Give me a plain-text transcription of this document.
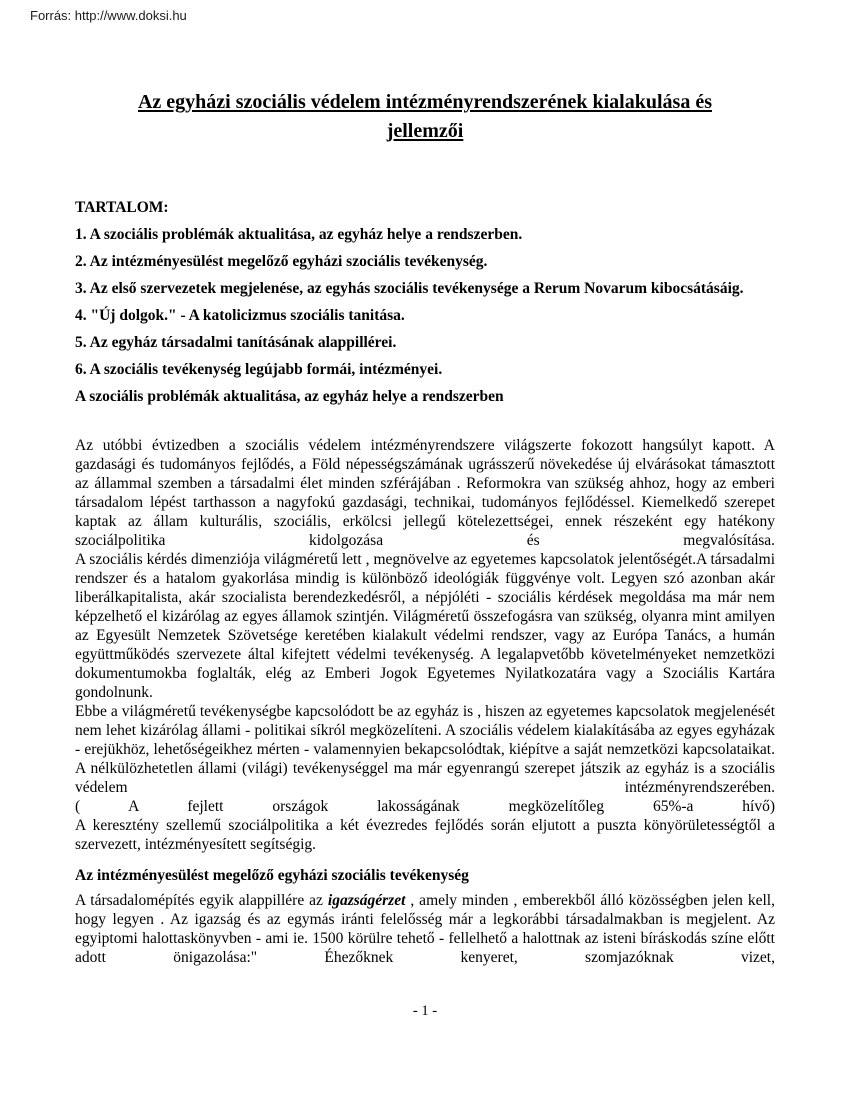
Forrás: http://www.doksi.hu
Az egyházi szociális védelem intézményrendszerének kialakulása és
jellemzői
TARTALOM:
1. A szociális problémák aktualitása, az egyház helye a rendszerben.
2. Az intézményesülést megelőző egyházi szociális tevékenység.
3. Az első szervezetek megjelenése, az egyhás szociális tevékenysége a Rerum Novarum kibocsátásáig.
4. "Új dolgok." - A katolicizmus szociális tanitása.
5. Az egyház társadalmi tanításának alappillérei.
6. A szociális tevékenység legújabb formái, intézményei.
A szociális problémák aktualitása, az egyház helye a rendszerben
Az utóbbi évtizedben a szociális védelem intézményrendszere világszerte fokozott hangsúlyt kapott. A gazdasági és tudományos fejlődés, a Föld népességszámának ugrásszerű növekedése új elvárásokat támasztott az állammal szemben a társadalmi élet minden szférájában . Reformokra van szükség ahhoz, hogy az emberi társadalom lépést tarthasson a nagyfokú gazdasági, technikai, tudományos fejlődéssel. Kiemelkedő szerepet kaptak az állam kulturális, szociális, erkölcsi jellegű kötelezettségei, ennek részeként egy hatékony szociálpolitika kidolgozása és megvalósítása.
A szociális kérdés dimenziója világméretű lett , megnövelve az egyetemes kapcsolatok jelentőségét.A társadalmi rendszer és a hatalom gyakorlása mindig is különböző ideológiák függvénye volt. Legyen szó azonban akár liberálkapitalista, akár szocialista berendezkedésről, a népjóléti - szociális kérdések megoldása ma már nem képzelhető el kizárólag az egyes államok szintjén. Világméretű összefogásra van szükség, olyanra mint amilyen az Egyesült Nemzetek Szövetsége keretében kialakult védelmi rendszer, vagy az Európa Tanács, a humán együttműködés szervezete által kifejtett védelmi tevékenység. A legalapvetőbb követelményeket nemzetközi dokumentumokba foglalták, elég az Emberi Jogok Egyetemes Nyilatkozatára vagy a Szociális Kartára gondolnunk.
Ebbe a világméretű tevékenységbe kapcsolódott be az egyház is , hiszen az egyetemes kapcsolatok megjelenését nem lehet kizárólag állami - politikai síkról megközelíteni. A szociális védelem kialakításába az egyes egyházak - erejükhöz, lehetőségeikhez mérten - valamennyien bekapcsolódtak, kiépítve a saját nemzetközi kapcsolataikat. A nélkülözhetetlen állami (világi) tevékenységgel ma már egyenrangú szerepet játszik az egyház is a szociális védelem intézményrendszerében.
( A fejlett országok lakosságának megközelítőleg 65%-a hívő)
A keresztény szellemű szociálpolitika a két évezredes fejlődés során eljutott a puszta könyörületességtől a szervezett, intézményesített segítségig.
Az intézményesülést megelőző egyházi szociális tevékenység
A társadalomépítés egyik alappillére az igazságérzet , amely minden , emberekből álló közösségben jelen kell, hogy legyen . Az igazság és az egymás iránti felelősség már a legkorábbi társadalmakban is megjelent. Az egyiptomi halottaskönyvben - ami ie. 1500 körülre tehető - fellelhető a halottnak az isteni bíráskodás színe előtt adott önigazolása:" Éhezőknek kenyeret, szomjazóknak vizet,
- 1 -
